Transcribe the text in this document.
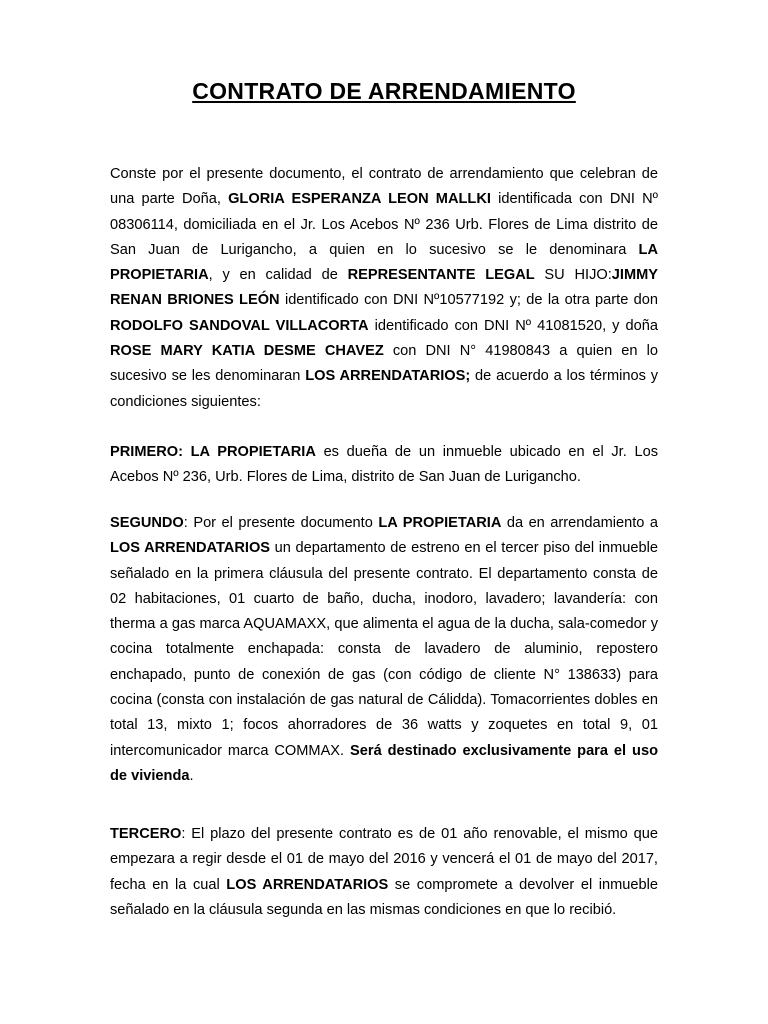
CONTRATO DE ARRENDAMIENTO

Conste por el presente documento, el contrato de arrendamiento que celebran de una parte Doña, GLORIA ESPERANZA LEON MALLKI identificada con DNI Nº 08306114, domiciliada en el Jr. Los Acebos Nº 236 Urb. Flores de Lima distrito de San Juan de Lurigancho, a quien en lo sucesivo se le denominara LA PROPIETARIA, y en calidad de REPRESENTANTE LEGAL SU HIJO:JIMMY RENAN BRIONES LEÓN identificado con DNI Nº10577192 y; de la otra parte don RODOLFO SANDOVAL VILLACORTA identificado con DNI Nº 41081520, y doña ROSE MARY KATIA DESME CHAVEZ con DNI N° 41980843 a quien en lo sucesivo se les denominaran LOS ARRENDATARIOS; de acuerdo a los términos y condiciones siguientes:

PRIMERO: LA PROPIETARIA es dueña de un inmueble ubicado en el Jr. Los Acebos Nº 236, Urb. Flores de Lima, distrito de San Juan de Lurigancho.

SEGUNDO: Por el presente documento LA PROPIETARIA da en arrendamiento a LOS ARRENDATARIOS un departamento de estreno en el tercer piso del inmueble señalado en la primera cláusula del presente contrato. El departamento consta de 02 habitaciones, 01 cuarto de baño, ducha, inodoro, lavadero; lavandería: con therma a gas marca AQUAMAXX, que alimenta el agua de la ducha, sala-comedor y cocina totalmente enchapada: consta de lavadero de aluminio, repostero enchapado, punto de conexión de gas (con código de cliente N° 138633) para cocina (consta con instalación de gas natural de Cálidda). Tomacorrientes dobles en total 13, mixto 1; focos ahorradores de 36 watts y zoquetes en total 9, 01 intercomunicador marca COMMAX. Será destinado exclusivamente para el uso de vivienda.

TERCERO: El plazo del presente contrato es de 01 año renovable, el mismo que empezara a regir desde el 01 de mayo del 2016 y vencerá el 01 de mayo del 2017, fecha en la cual LOS ARRENDATARIOS se compromete a devolver el inmueble señalado en la cláusula segunda en las mismas condiciones en que lo recibió.
